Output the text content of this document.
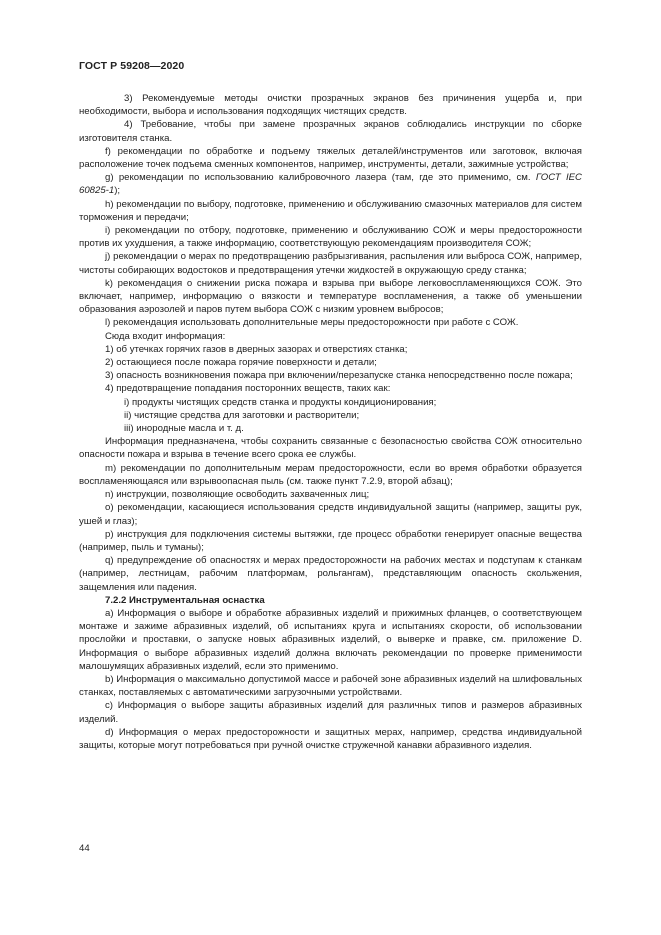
ГОСТ Р 59208—2020

3) Рекомендуемые методы очистки прозрачных экранов без причинения ущерба и, при необходимости, выбора и использования подходящих чистящих средств.

4) Требование, чтобы при замене прозрачных экранов соблюдались инструкции по сборке изготовителя станка.

f) рекомендации по обработке и подъему тяжелых деталей/инструментов или заготовок, включая расположение точек подъема сменных компонентов, например, инструменты, детали, зажимные устройства;

g) рекомендации по использованию калибровочного лазера (там, где это применимо, см. ГОСТ IEC 60825-1);

h) рекомендации по выбору, подготовке, применению и обслуживанию смазочных материалов для систем торможения и передачи;

i) рекомендации по отбору, подготовке, применению и обслуживанию СОЖ и меры предосторожности против их ухудшения, а также информацию, соответствующую рекомендациям производителя СОЖ;

j) рекомендации о мерах по предотвращению разбрызгивания, распыления или выброса СОЖ, например, чистоты собирающих водостоков и предотвращения утечки жидкостей в окружающую среду станка;

k) рекомендация о снижении риска пожара и взрыва при выборе легковоспламеняющихся СОЖ. Это включает, например, информацию о вязкости и температуре воспламенения, а также об уменьшении образования аэрозолей и паров путем выбора СОЖ с низким уровнем выбросов;

l) рекомендация использовать дополнительные меры предосторожности при работе с СОЖ.

Сюда входит информация:

1) об утечках горячих газов в дверных зазорах и отверстиях станка;

2) остающиеся после пожара горячие поверхности и детали;

3) опасность возникновения пожара при включении/перезапуске станка непосредственно после пожара;

4) предотвращение попадания посторонних веществ, таких как:

i) продукты чистящих средств станка и продукты кондиционирования;

ii) чистящие средства для заготовки и растворители;

iii) инородные масла и т. д.

Информация предназначена, чтобы сохранить связанные с безопасностью свойства СОЖ относительно опасности пожара и взрыва в течение всего срока ее службы.

m) рекомендации по дополнительным мерам предосторожности, если во время обработки образуется воспламеняющаяся или взрывоопасная пыль (см. также пункт 7.2.9, второй абзац);

n) инструкции, позволяющие освободить захваченных лиц;

o) рекомендации, касающиеся использования средств индивидуальной защиты (например, защиты рук, ушей и глаз);

p) инструкция для подключения системы вытяжки, где процесс обработки генерирует опасные вещества (например, пыль и туманы);

q) предупреждение об опасностях и мерах предосторожности на рабочих местах и подступам к станкам (например, лестницам, рабочим платформам, рольгангам), представляющим опасность скольжения, защемления или падения.

7.2.2 Инструментальная оснастка

а) Информация о выборе и обработке абразивных изделий и прижимных фланцев, о соответствующем монтаже и зажиме абразивных изделий, об испытаниях круга и испытаниях скорости, об использовании прослойки и проставки, о запуске новых абразивных изделий, о выверке и правке, см. приложение D. Информация о выборе абразивных изделий должна включать рекомендации по проверке применимости малошумящих абразивных изделий, если это применимо.

b) Информация о максимально допустимой массе и рабочей зоне абразивных изделий на шлифовальных станках, поставляемых с автоматическими загрузочными устройствами.

c) Информация о выборе защиты абразивных изделий для различных типов и размеров абразивных изделий.

d) Информация о мерах предосторожности и защитных мерах, например, средства индивидуальной защиты, которые могут потребоваться при ручной очистке стружечной канавки абразивного изделия.

44
